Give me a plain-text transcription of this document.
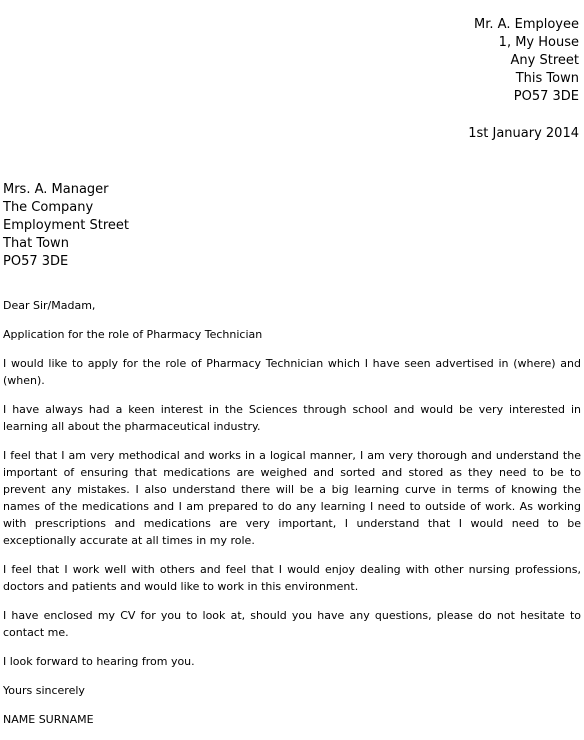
Mr. A. Employee
1, My House
Any Street
This Town
PO57 3DE
1st January 2014
Mrs. A. Manager
The Company
Employment Street
That Town
PO57 3DE

Dear Sir/Madam,

Application for the role of Pharmacy Technician

I would like to apply for the role of Pharmacy Technician which I have seen advertised in (where) and (when).

I have always had a keen interest in the Sciences through school and would be very interested in learning all about the pharmaceutical industry.

I feel that I am very methodical and works in a logical manner, I am very thorough and understand the important of ensuring that medications are weighed and sorted and stored as they need to be to prevent any mistakes. I also understand there will be a big learning curve in terms of knowing the names of the medications and I am prepared to do any learning I need to outside of work. As working with prescriptions and medications are very important, I understand that I would need to be exceptionally accurate at all times in my role.

I feel that I work well with others and feel that I would enjoy dealing with other nursing professions, doctors and patients and would like to work in this environment.

I have enclosed my CV for you to look at, should you have any questions, please do not hesitate to contact me.

I look forward to hearing from you.

Yours sincerely

NAME SURNAME
